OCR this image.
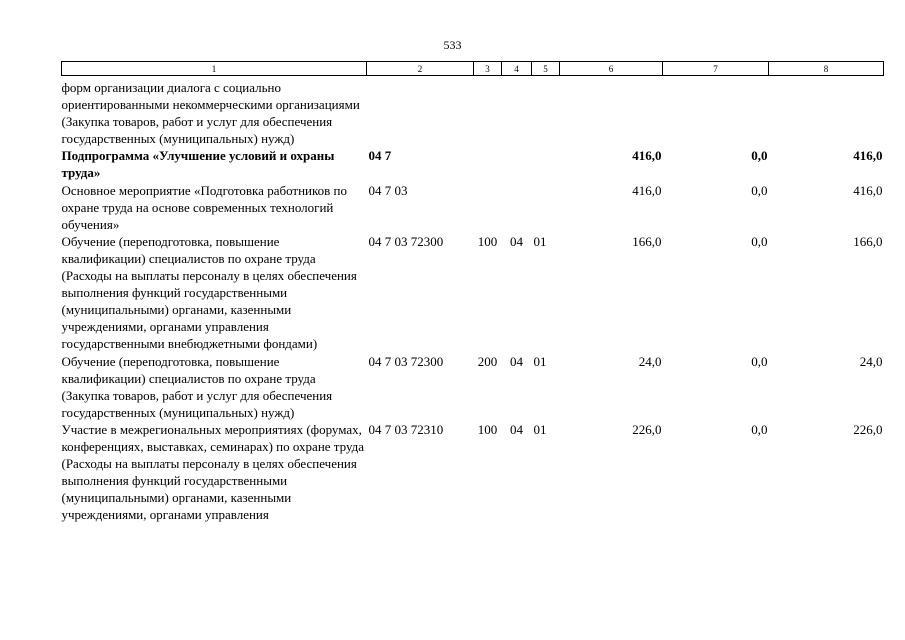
533
1	2	3	4	5	6	7	8

форм организации диалога с социально ориентированными некоммерческими организациями (Закупка товаров, работ и услуг для обеспечения государственных (муниципальных) нужд)							
Подпрограмма «Улучшение условий и охраны труда»	04 7				416,0	0,0	416,0
Основное мероприятие «Подготовка работников по охране труда на основе современных технологий обучения»	04 7 03				416,0	0,0	416,0
Обучение (переподготовка, повышение квалификации) специалистов по охране труда (Расходы на выплаты персоналу в целях обеспечения выполнения функций государственными (муниципальными) органами, казенными учреждениями, органами управления государственными внебюджетными фондами)	04 7 03 72300	100	04	01	166,0	0,0	166,0
Обучение (переподготовка, повышение квалификации) специалистов по охране труда (Закупка товаров, работ и услуг для обеспечения государственных (муниципальных) нужд)	04 7 03 72300	200	04	01	24,0	0,0	24,0
Участие в межрегиональных мероприятиях (форумах, конференциях, выставках, семинарах) по охране труда (Расходы на выплаты персоналу в целях обеспечения выполнения функций государственными (муниципальными) органами, казенными учреждениями, органами управления	04 7 03 72310	100	04	01	226,0	0,0	226,0
